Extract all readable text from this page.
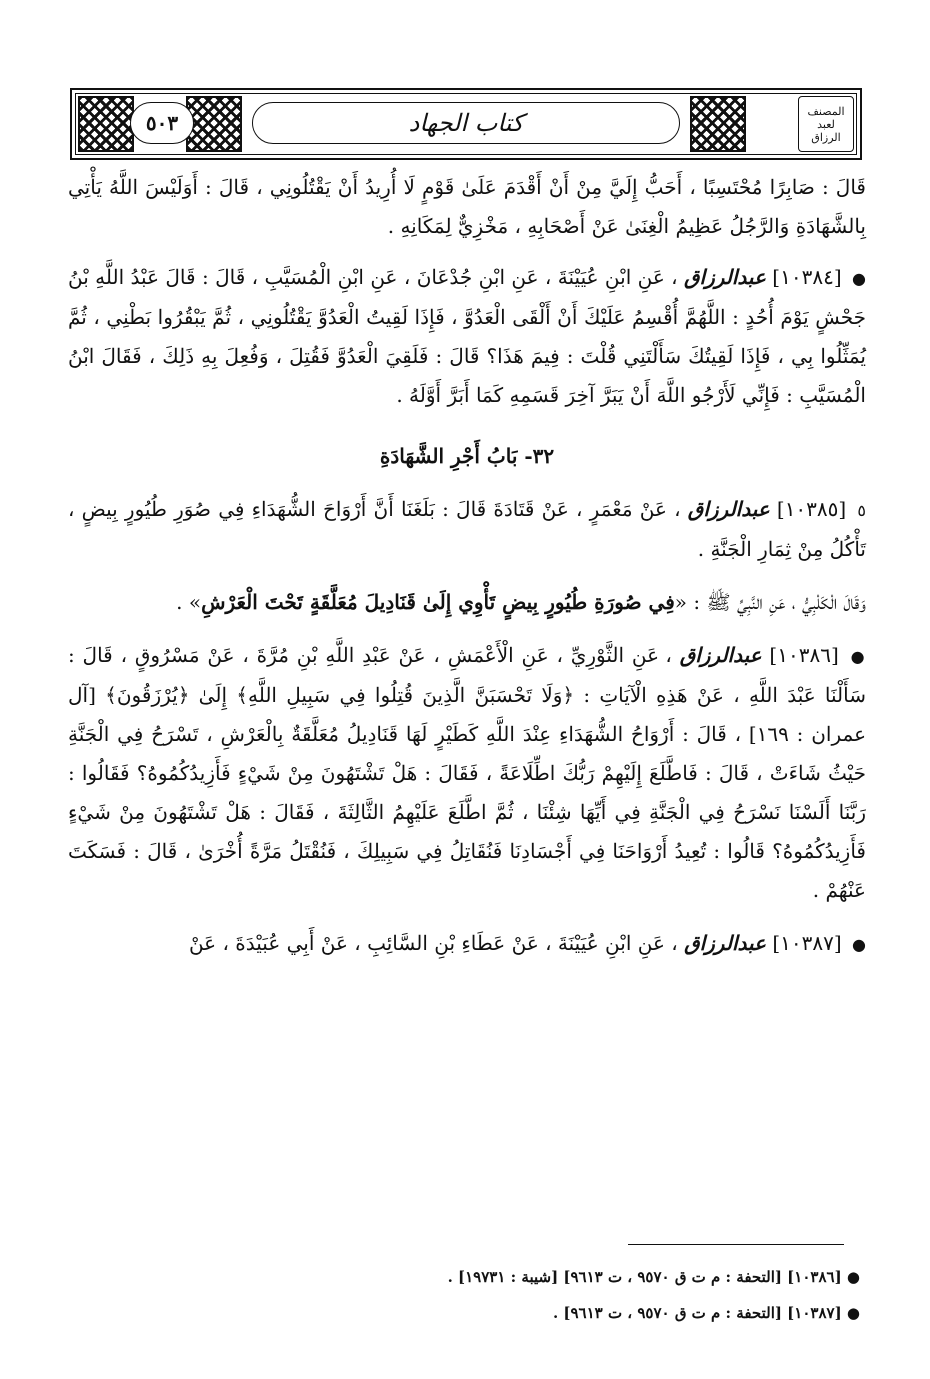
٥٠٣	كتاب الجهاد	المصنف لعبد الرزاق

قَالَ : صَابِرًا مُحْتَسِبًا ، أَحَبُّ إِلَيَّ مِنْ أَنْ أَقْدَمَ عَلَىٰ قَوْمٍ لَا أُرِيدُ أَنْ يَقْتُلُونِي ، قَالَ : أَوَلَيْسَ اللَّهُ يَأْتِي بِالشَّهَادَةِ وَالرَّجُلُ عَظِيمُ الْغِنَىٰ عَنْ أَصْحَابِهِ ، مَخْزِيٌّ لِمَكَانِهِ .

● [١٠٣٨٤] عبدالرزاق ، عَنِ ابْنِ عُيَيْنَةَ ، عَنِ ابْنِ جُدْعَانَ ، عَنِ ابْنِ الْمُسَيَّبِ ، قَالَ : قَالَ عَبْدُ اللَّهِ بْنُ جَحْشٍ يَوْمَ أُحُدٍ : اللَّهُمَّ أُقْسِمُ عَلَيْكَ أَنْ أَلْقَى الْعَدُوَّ ، فَإِذَا لَقِيتُ الْعَدُوَّ يَقْتُلُونِي ، ثُمَّ يَبْقُرُوا بَطْنِي ، ثُمَّ يُمَثِّلُوا بِي ، فَإِذَا لَقِيتُكَ سَأَلْتَنِي قُلْتَ : فِيمَ هَذَا؟ قَالَ : فَلَقِيَ الْعَدُوَّ فَقُتِلَ ، وَفُعِلَ بِهِ ذَلِكَ ، فَقَالَ ابْنُ الْمُسَيَّبِ : فَإِنِّي لَأَرْجُو اللَّهَ أَنْ يَبَرَّ آخِرَ قَسَمِهِ كَمَا أَبَرَّ أَوَّلَهُ .

٣٢- بَابُ أَجْرِ الشَّهَادَةِ

٥ [١٠٣٨٥] عبدالرزاق ، عَنْ مَعْمَرٍ ، عَنْ قَتَادَةَ قَالَ : بَلَغَنَا أَنَّ أَرْوَاحَ الشُّهَدَاءِ فِي صُوَرِ طُيُورٍ بِيضٍ ، تَأْكُلُ مِنْ ثِمَارِ الْجَنَّةِ .

وَقَالَ الْكَلْبِيُّ ، عَنِ النَّبِيِّ ﷺ : «فِي صُورَةِ طُيُورٍ بِيضٍ تَأْوِي إِلَىٰ قَنَادِيلَ مُعَلَّقَةٍ تَحْتَ الْعَرْشِ» .

● [١٠٣٨٦] عبدالرزاق ، عَنِ الثَّوْرِيِّ ، عَنِ الْأَعْمَشِ ، عَنْ عَبْدِ اللَّهِ بْنِ مُرَّةَ ، عَنْ مَسْرُوقٍ ، قَالَ : سَأَلْنَا عَبْدَ اللَّهِ ، عَنْ هَذِهِ الْآيَاتِ : ﴿وَلَا تَحْسَبَنَّ الَّذِينَ قُتِلُوا فِي سَبِيلِ اللَّهِ﴾ إِلَىٰ ﴿يُرْزَقُونَ﴾ [آل عمران : ١٦٩] ، قَالَ : أَرْوَاحُ الشُّهَدَاءِ عِنْدَ اللَّهِ كَطَيْرٍ لَهَا قَنَادِيلُ مُعَلَّقَةٌ بِالْعَرْشِ ، تَسْرَحُ فِي الْجَنَّةِ حَيْثُ شَاءَتْ ، قَالَ : فَاطَّلَعَ إِلَيْهِمْ رَبُّكَ اطِّلَاعَةً ، فَقَالَ : هَلْ تَشْتَهُونَ مِنْ شَيْءٍ فَأَزِيدُكُمُوهُ؟ فَقَالُوا : رَبَّنَا أَلَسْنَا نَسْرَحُ فِي الْجَنَّةِ فِي أَيِّهَا شِئْنَا ، ثُمَّ اطَّلَعَ عَلَيْهِمُ الثَّالِثَةَ ، فَقَالَ : هَلْ تَشْتَهُونَ مِنْ شَيْءٍ فَأَزِيدُكُمُوهُ؟ قَالُوا : تُعِيدُ أَرْوَاحَنَا فِي أَجْسَادِنَا فَنُقَاتِلُ فِي سَبِيلِكَ ، فَنُقْتَلُ مَرَّةً أُخْرَىٰ ، قَالَ : فَسَكَتَ عَنْهُمْ .

● [١٠٣٨٧] عبدالرزاق ، عَنِ ابْنِ عُيَيْنَةَ ، عَنْ عَطَاءِ بْنِ السَّائِبِ ، عَنْ أَبِي عُبَيْدَةَ ، عَنْ

● [١٠٣٨٦] [التحفة : م ت ق ٩٥٧٠ ، ت ٩٦١٣] [شيبة : ١٩٧٣١] .
● [١٠٣٨٧] [التحفة : م ت ق ٩٥٧٠ ، ت ٩٦١٣] .
